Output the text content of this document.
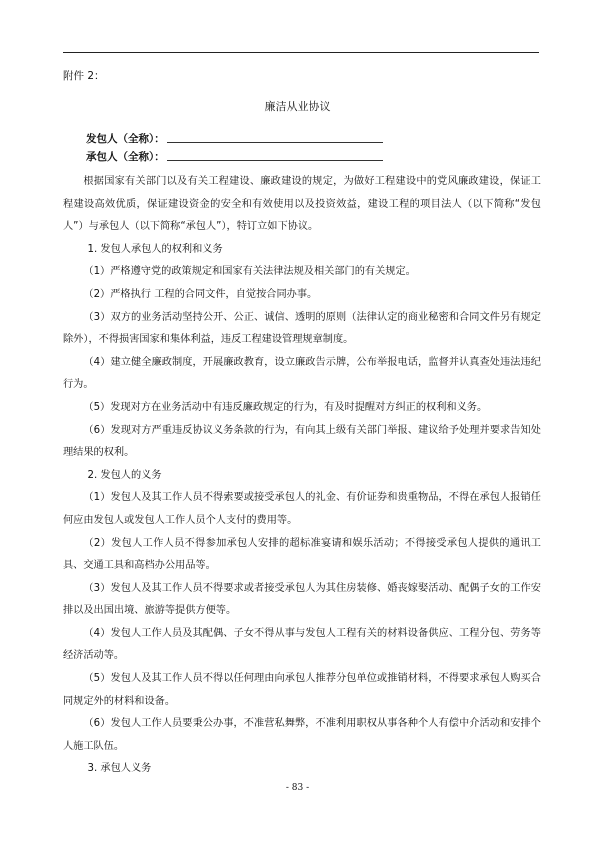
附件 2：
廉洁从业协议
发包人（全称）：
承包人（全称）：

根据国家有关部门以及有关工程建设、廉政建设的规定，为做好工程建设中的党风廉政建设，保证工程建设高效优质，保证建设资金的安全和有效使用以及投资效益，建设工程的项目法人（以下简称“发包人”）与承包人（以下简称“承包人”），特订立如下协议。

1. 发包人承包人的权利和义务

（1）严格遵守党的政策规定和国家有关法律法规及相关部门的有关规定。

（2）严格执行 工程的合同文件，自觉按合同办事。

（3）双方的业务活动坚持公开、公正、诚信、透明的原则（法律认定的商业秘密和合同文件另有规定除外），不得损害国家和集体利益，违反工程建设管理规章制度。

（4）建立健全廉政制度，开展廉政教育，设立廉政告示牌，公布举报电话，监督并认真查处违法违纪行为。

（5）发现对方在业务活动中有违反廉政规定的行为，有及时提醒对方纠正的权利和义务。

（6）发现对方严重违反协议义务条款的行为，有向其上级有关部门举报、建议给予处理并要求告知处理结果的权利。

2. 发包人的义务

（1）发包人及其工作人员不得索要或接受承包人的礼金、有价证券和贵重物品，不得在承包人报销任何应由发包人或发包人工作人员个人支付的费用等。

（2）发包人工作人员不得参加承包人安排的超标准宴请和娱乐活动；不得接受承包人提供的通讯工具、交通工具和高档办公用品等。

（3）发包人及其工作人员不得要求或者接受承包人为其住房装修、婚丧嫁娶活动、配偶子女的工作安排以及出国出境、旅游等提供方便等。

（4）发包人工作人员及其配偶、子女不得从事与发包人工程有关的材料设备供应、工程分包、劳务等经济活动等。

（5）发包人及其工作人员不得以任何理由向承包人推荐分包单位或推销材料，不得要求承包人购买合同规定外的材料和设备。

（6）发包人工作人员要秉公办事，不准营私舞弊，不准利用职权从事各种个人有偿中介活动和安排个人施工队伍。

3. 承包人义务

- 83 -
